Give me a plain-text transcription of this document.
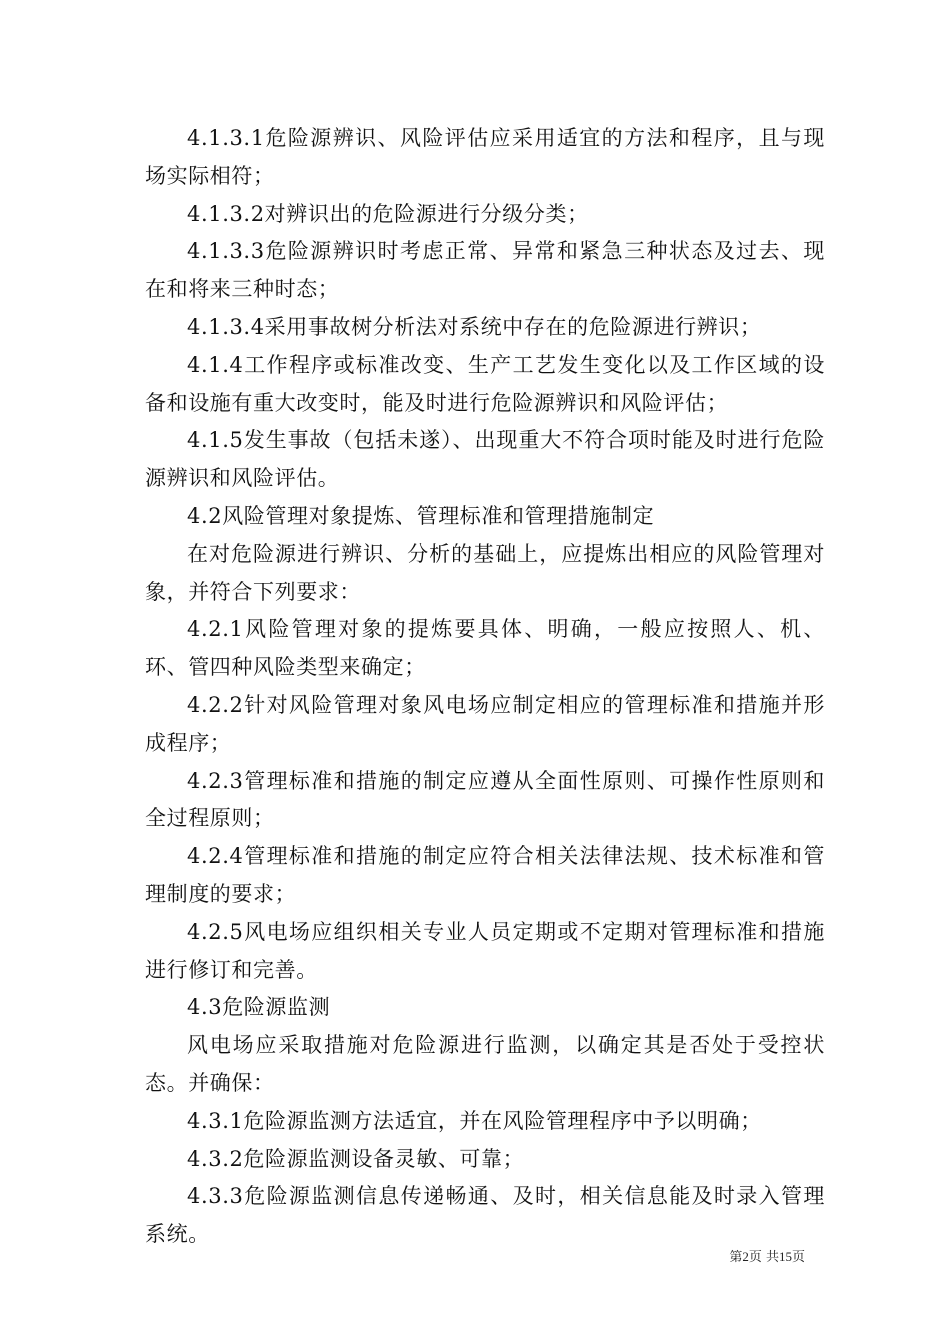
4.1.3.1危险源辨识、风险评估应采用适宜的方法和程序，且与现场实际相符；

4.1.3.2对辨识出的危险源进行分级分类；

4.1.3.3危险源辨识时考虑正常、异常和紧急三种状态及过去、现在和将来三种时态；

4.1.3.4采用事故树分析法对系统中存在的危险源进行辨识；

4.1.4工作程序或标准改变、生产工艺发生变化以及工作区域的设备和设施有重大改变时，能及时进行危险源辨识和风险评估；

4.1.5发生事故（包括未遂）、出现重大不符合项时能及时进行危险源辨识和风险评估。

4.2风险管理对象提炼、管理标准和管理措施制定

在对危险源进行辨识、分析的基础上，应提炼出相应的风险管理对象，并符合下列要求：

4.2.1风险管理对象的提炼要具体、明确，一般应按照人、机、环、管四种风险类型来确定；

4.2.2针对风险管理对象风电场应制定相应的管理标准和措施并形成程序；

4.2.3管理标准和措施的制定应遵从全面性原则、可操作性原则和全过程原则；

4.2.4管理标准和措施的制定应符合相关法律法规、技术标准和管理制度的要求；

4.2.5风电场应组织相关专业人员定期或不定期对管理标准和措施进行修订和完善。

4.3危险源监测

风电场应采取措施对危险源进行监测，以确定其是否处于受控状态。并确保：

4.3.1危险源监测方法适宜，并在风险管理程序中予以明确；

4.3.2危险源监测设备灵敏、可靠；

4.3.3危险源监测信息传递畅通、及时，相关信息能及时录入管理系统。

第2页 共15页
